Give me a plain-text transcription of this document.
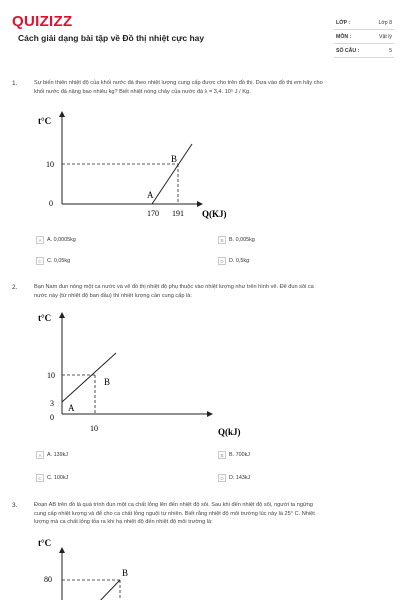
QUIZIZZ
Cách giải dạng bài tập về Đồ thị nhiệt cực hay
LỚP :	Lớp 8
MÔN :	Vật lý
SỐ CÂU :	5
1.	Sự biến thiên nhiệt độ của khối nước đá theo nhiệt lượng cung cấp được cho trên đồ thị. Dựa vào đồ thị em hãy cho
khối nước đá nặng bao nhiêu kg? Biết nhiệt nóng chảy của nước đá λ = 3,4. 10⁵ J / Kg.
t°C
Q(KJ)
10
0
170 191
A
B
A	A. 0,0005kg	B	B. 0,005kg
C C. 0,05kg	D D. 0,5kg
2.	Bạn Nam đun nóng một ca nước và vẽ đồ thị nhiệt độ phụ thuộc vào nhiệt lượng như trên hình vẽ. Để đun sôi ca
nước này (từ nhiệt độ ban đầu) thì nhiệt lượng cần cung cấp là:
t°C
Q(kJ)
10
3
0
10
A
B
A	A. 139kJ	B	B. 700kJ
C C. 100kJ	D D. 143kJ
3.	Đoạn AB trên đồ là quá trình đun một ca chất lỏng lên đến nhiệt độ sôi. Sau khi đến nhiệt độ sôi, người ta ngừng
cung cấp nhiệt lượng và để cho ca chất lỏng nguội tự nhiên. Biết rằng nhiệt độ môi trường lúc này là 25° C. Nhiệt
lượng mà ca chất lỏng tỏa ra khi hạ nhiệt độ đến nhiệt độ môi trường là:
t°C
80
B
